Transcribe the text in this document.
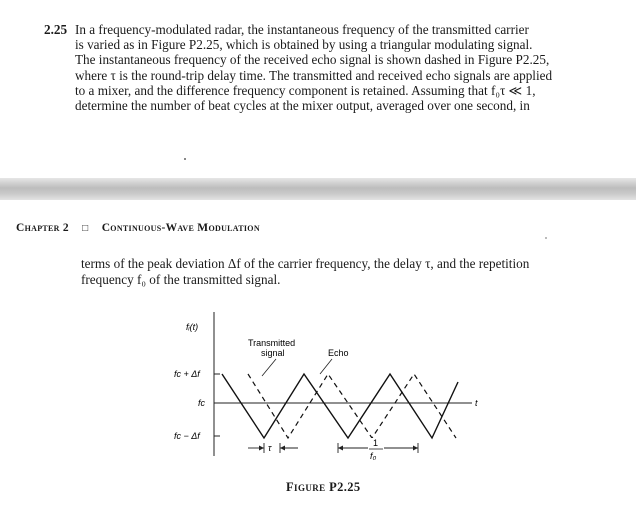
2.25 In a frequency-modulated radar, the instantaneous frequency of the transmitted carrier
is varied as in Figure P2.25, which is obtained by using a triangular modulating signal.
The instantaneous frequency of the received echo signal is shown dashed in Figure P2.25,
where τ is the round-trip delay time. The transmitted and received echo signals are applied
to a mixer, and the difference frequency component is retained. Assuming that f₀τ ≪ 1,
determine the number of beat cycles at the mixer output, averaged over one second, in
Chapter 2 □ Continuous-Wave Modulation
terms of the peak deviation Δf of the carrier frequency, the delay τ, and the repetition
frequency f₀ of the transmitted signal.
fᵢ(t)
t
fc + Δf
fc
fc − Δf
Transmitted
signal	Echo
τ	1
f₀
Figure P2.25
